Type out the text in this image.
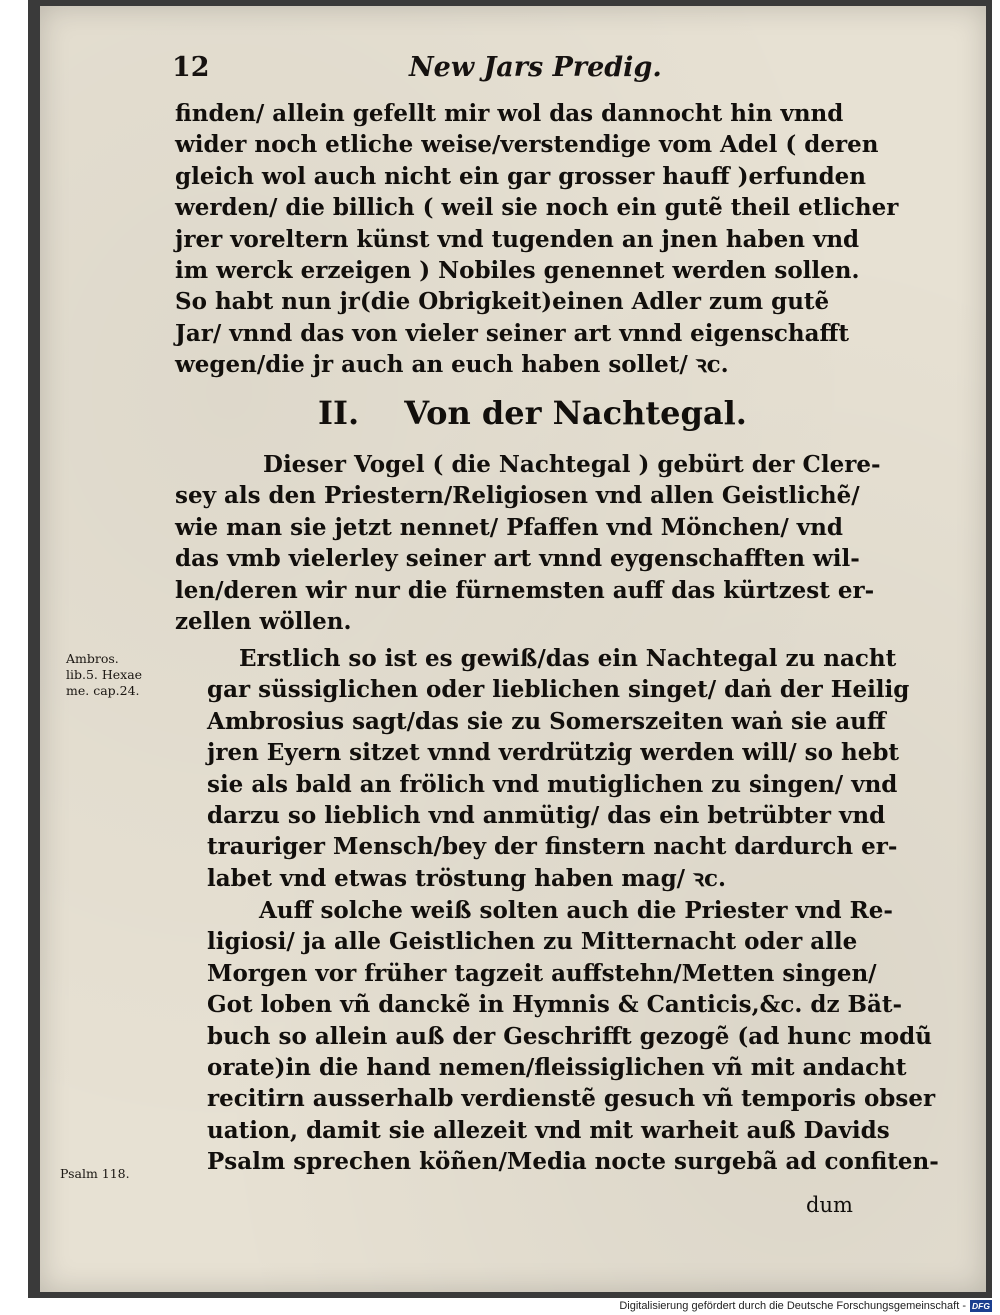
12	New Jars Predig.
finden/ allein gefellt mir wol das dannocht hin vnnd
wider noch etliche weise/verstendige vom Adel ( deren
gleich wol auch nicht ein gar grosser hauff )erfunden
werden/ die billich ( weil sie noch ein gutẽ theil etlicher
jrer voreltern künst vnd tugenden an jnen haben vnd
im werck erzeigen ) Nobiles genennet werden sollen.
So habt nun jr(die Obrigkeit)einen Adler zum gutẽ
Jar/ vnnd das von vieler seiner art vnnd eigenschafft
wegen/die jr auch an euch haben sollet/ ꝛc.
II. Von der Nachtegal.
Dieser Vogel ( die Nachtegal ) gebürt der Clere-
sey als den Priestern/Religiosen vnd allen Geistlichẽ/
wie man sie jetzt nennet/ Pfaffen vnd Mönchen/ vnd
das vmb vielerley seiner art vnnd eygenschafften wil-
len/deren wir nur die fürnemsten auff das kürtzest er-
zellen wöllen.
Erstlich so ist es gewiß/das ein Nachtegal zu nacht
gar süssiglichen oder lieblichen singet/ daṅ der Heilig
Ambrosius sagt/das sie zu Somerszeiten waṅ sie auff
jren Eyern sitzet vnnd verdrützig werden will/ so hebt
sie als bald an frölich vnd mutiglichen zu singen/ vnd
darzu so lieblich vnd anmütig/ das ein betrübter vnd
trauriger Mensch/bey der finstern nacht dardurch er-
labet vnd etwas tröstung haben mag/ ꝛc.
Auff solche weiß solten auch die Priester vnd Re-
ligiosi/ ja alle Geistlichen zu Mitternacht oder alle
Morgen vor früher tagzeit auffstehn/Metten singen/
Got loben vñ danckẽ in Hymnis & Canticis,&c. dz Bät-
buch so allein auß der Geschrifft gezogẽ (ad hunc modũ
orate)in die hand nemen/fleissiglichen vñ mit andacht
recitirn ausserhalb verdienstẽ gesuch vñ temporis obser
uation, damit sie allezeit vnd mit warheit auß Davids
Psalm sprechen köñen/Media nocte surgebã ad confiten-
dum
Ambros.
lib.5. Hexae
me. cap.24.
Psalm 118.
Digitalisierung gefördert durch die Deutsche Forschungsgemeinschaft - DFG
